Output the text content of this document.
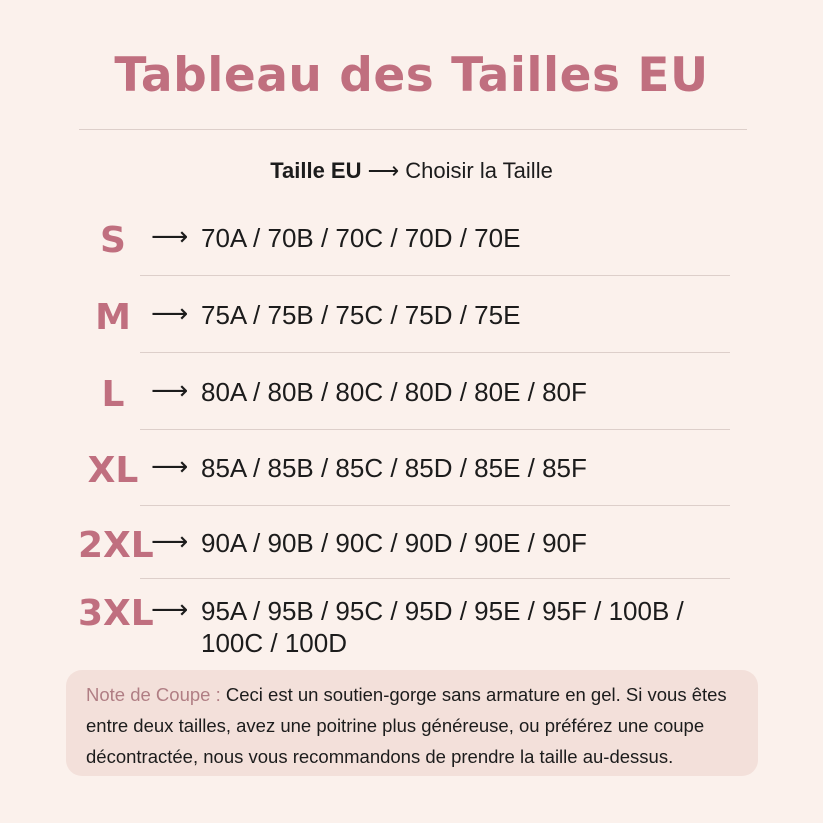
Tableau des Tailles EU
Taille EU ⟶ Choisir la Taille
S ⟶ 70A / 70B / 70C / 70D / 70E
M ⟶ 75A / 75B / 75C / 75D / 75E
L	⟶ 80A / 80B / 80C / 80D / 80E / 80F
XL ⟶ 85A / 85B / 85C / 85D / 85E / 85F
2XL
⟶ 90A / 90B / 90C / 90D / 90E / 90F
3XL
⟶ 95A / 95B / 95C / 95D / 95E / 95F / 100B / 100C / 100D
Note de Coupe : Ceci est un soutien-gorge sans armature en gel. Si vous êtes entre deux tailles, avez une poitrine plus généreuse, ou préférez une coupe décontractée, nous vous recommandons de prendre la taille au-dessus.
